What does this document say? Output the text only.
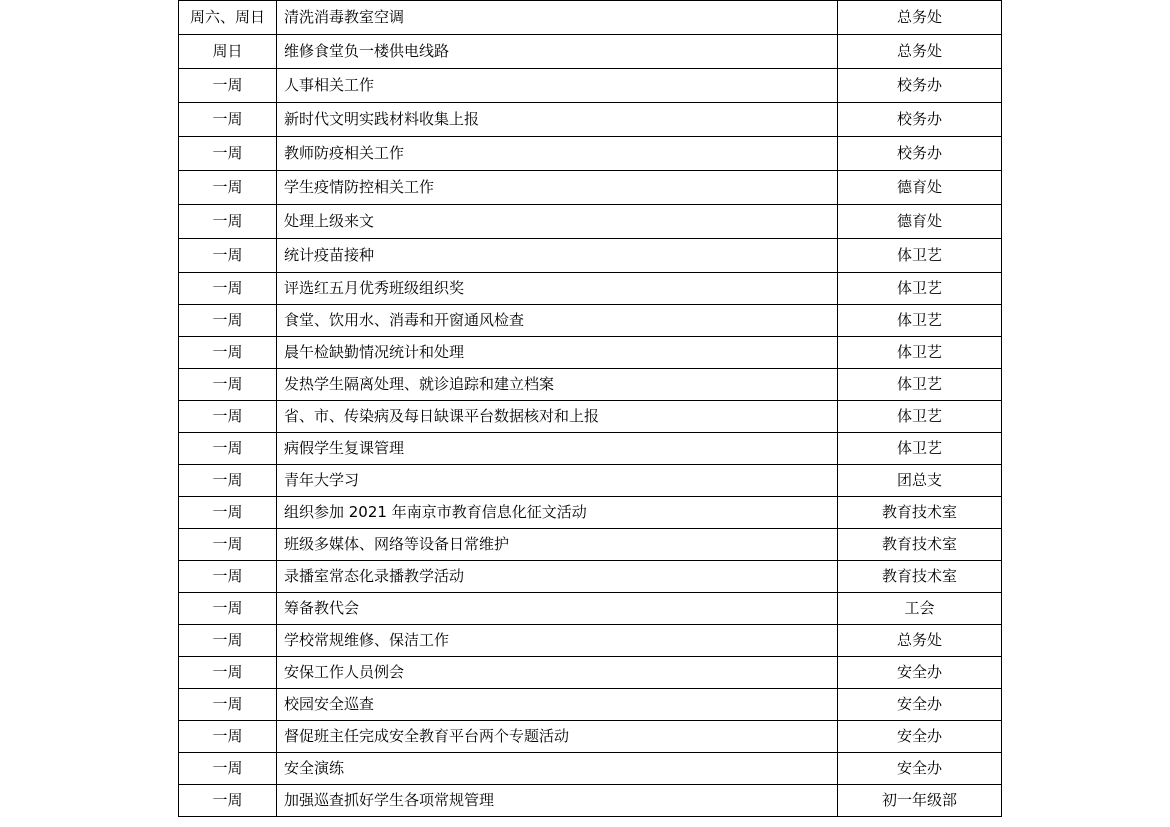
周六、周日	清洗消毒教室空调	总务处
周日	维修食堂负一楼供电线路	总务处
一周	人事相关工作	校务办
一周	新时代文明实践材料收集上报	校务办
一周	教师防疫相关工作	校务办
一周	学生疫情防控相关工作	德育处
一周	处理上级来文	德育处
一周	统计疫苗接种	体卫艺
一周	评选红五月优秀班级组织奖	体卫艺
一周	食堂、饮用水、消毒和开窗通风检查	体卫艺
一周	晨午检缺勤情况统计和处理	体卫艺
一周	发热学生隔离处理、就诊追踪和建立档案	体卫艺
一周	省、市、传染病及每日缺课平台数据核对和上报	体卫艺
一周	病假学生复课管理	体卫艺
一周	青年大学习	团总支
一周	组织参加 2021 年南京市教育信息化征文活动	教育技术室
一周	班级多媒体、网络等设备日常维护	教育技术室
一周	录播室常态化录播教学活动	教育技术室
一周	筹备教代会	工会
一周	学校常规维修、保洁工作	总务处
一周	安保工作人员例会	安全办
一周	校园安全巡查	安全办
一周	督促班主任完成安全教育平台两个专题活动	安全办
一周	安全演练	安全办
一周	加强巡查抓好学生各项常规管理	初一年级部
